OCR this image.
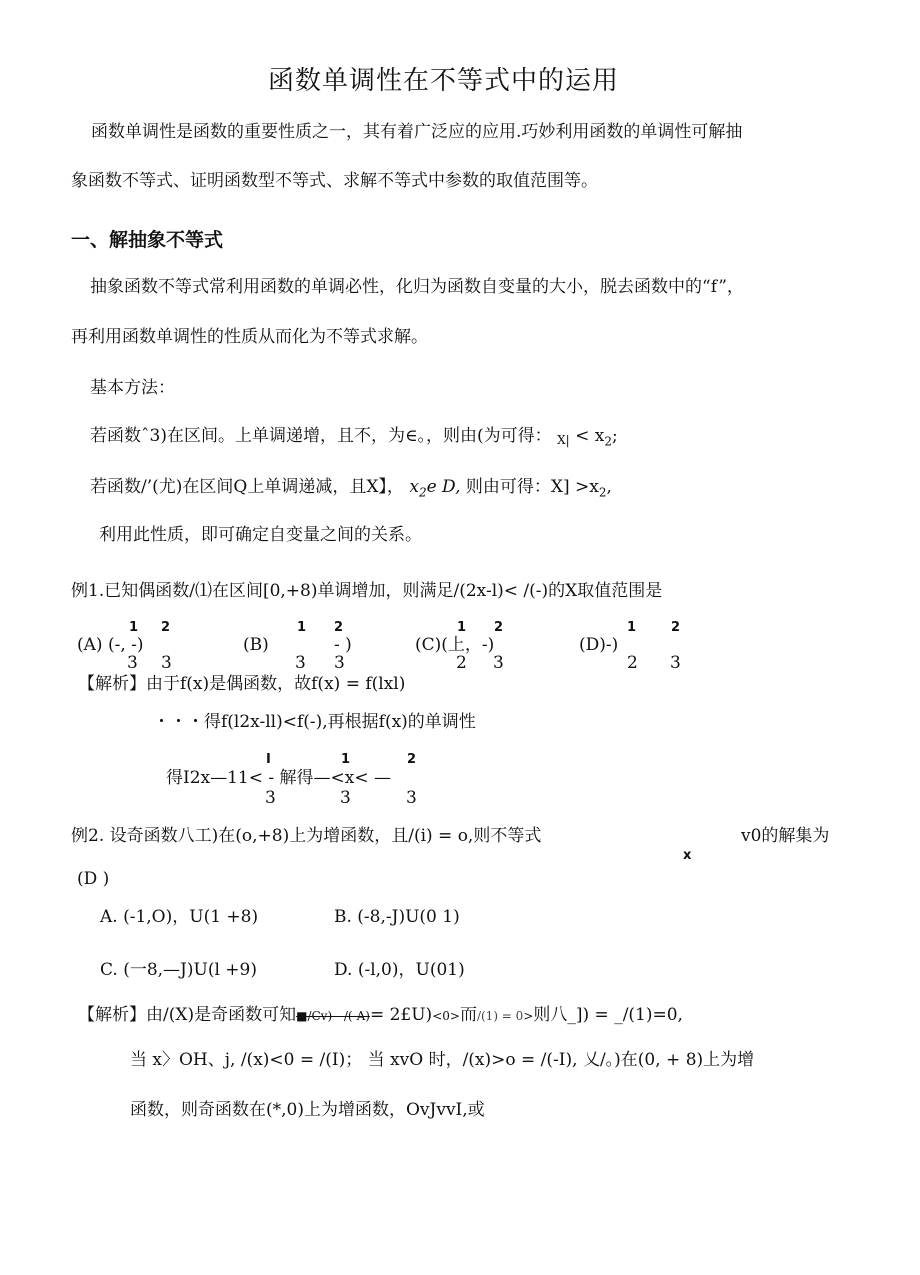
函数单调性在不等式中的运用
函数单调性是函数的重要性质之一，其有着广泛应的应用.巧妙利用函数的单调性可解抽
象函数不等式、证明函数型不等式、求解不等式中参数的取值范围等。
一、解抽象不等式
抽象函数不等式常利用函数的单调必性，化归为函数自变量的大小，脱去函数中的“f”，
再利用函数单调性的性质从而化为不等式求解。
基本方法：
若函数ˆ3)在区间。上单调递增，且不，为∈。，则由(为可得： $X| < x_2$;
若函数/’(尤)在区间Q上单调递减，且X】， $x_2e$ D, 则由可得：$X] >x_2$,
利用此性质，即可确定自变量之间的关系。
例1.已知偶函数/⑴在区间[0,+8)单调增加，则满足/(2x-l)< /(-)的X取值范围是
1 2
(A) (-, -)
3 3
1 2
(B)	- )
3 3
1 2
(C)(上，-)
2 3
1	2
(D)-)
2 3
【解析】由于f(x)是偶函数，故f(x) = f(lxl)
・・・得f(l2x-ll)<f(-),再根据f(x)的单调性
I	1	2
得I2x—11< - 解得—<x< —
3	3	3
例2. 设奇函数八工)在(o,+8)上为增函数，且/(i) = o,则不等式	v0的解集为
x
(D )
A. (-1,O)，U(1 +8)	B. (-8,-J)U(0 1)
C. (一8,—J)U(l +9)	D. (-l,0)，U(01)
【解析】由/(X)是奇函数可知■/Cv) - /(-A)= 2£U)<0>而/(1) = 0>则八_]) = _/(1)=0,
当 x〉OH、j, /(x)<0 = /(I)； 当 xvO 时，/(x)>o = /(-I), 乂/。)在(0, + 8)上为增
函数，则奇函数在(*,0)上为增函数，OvJvvI,或
